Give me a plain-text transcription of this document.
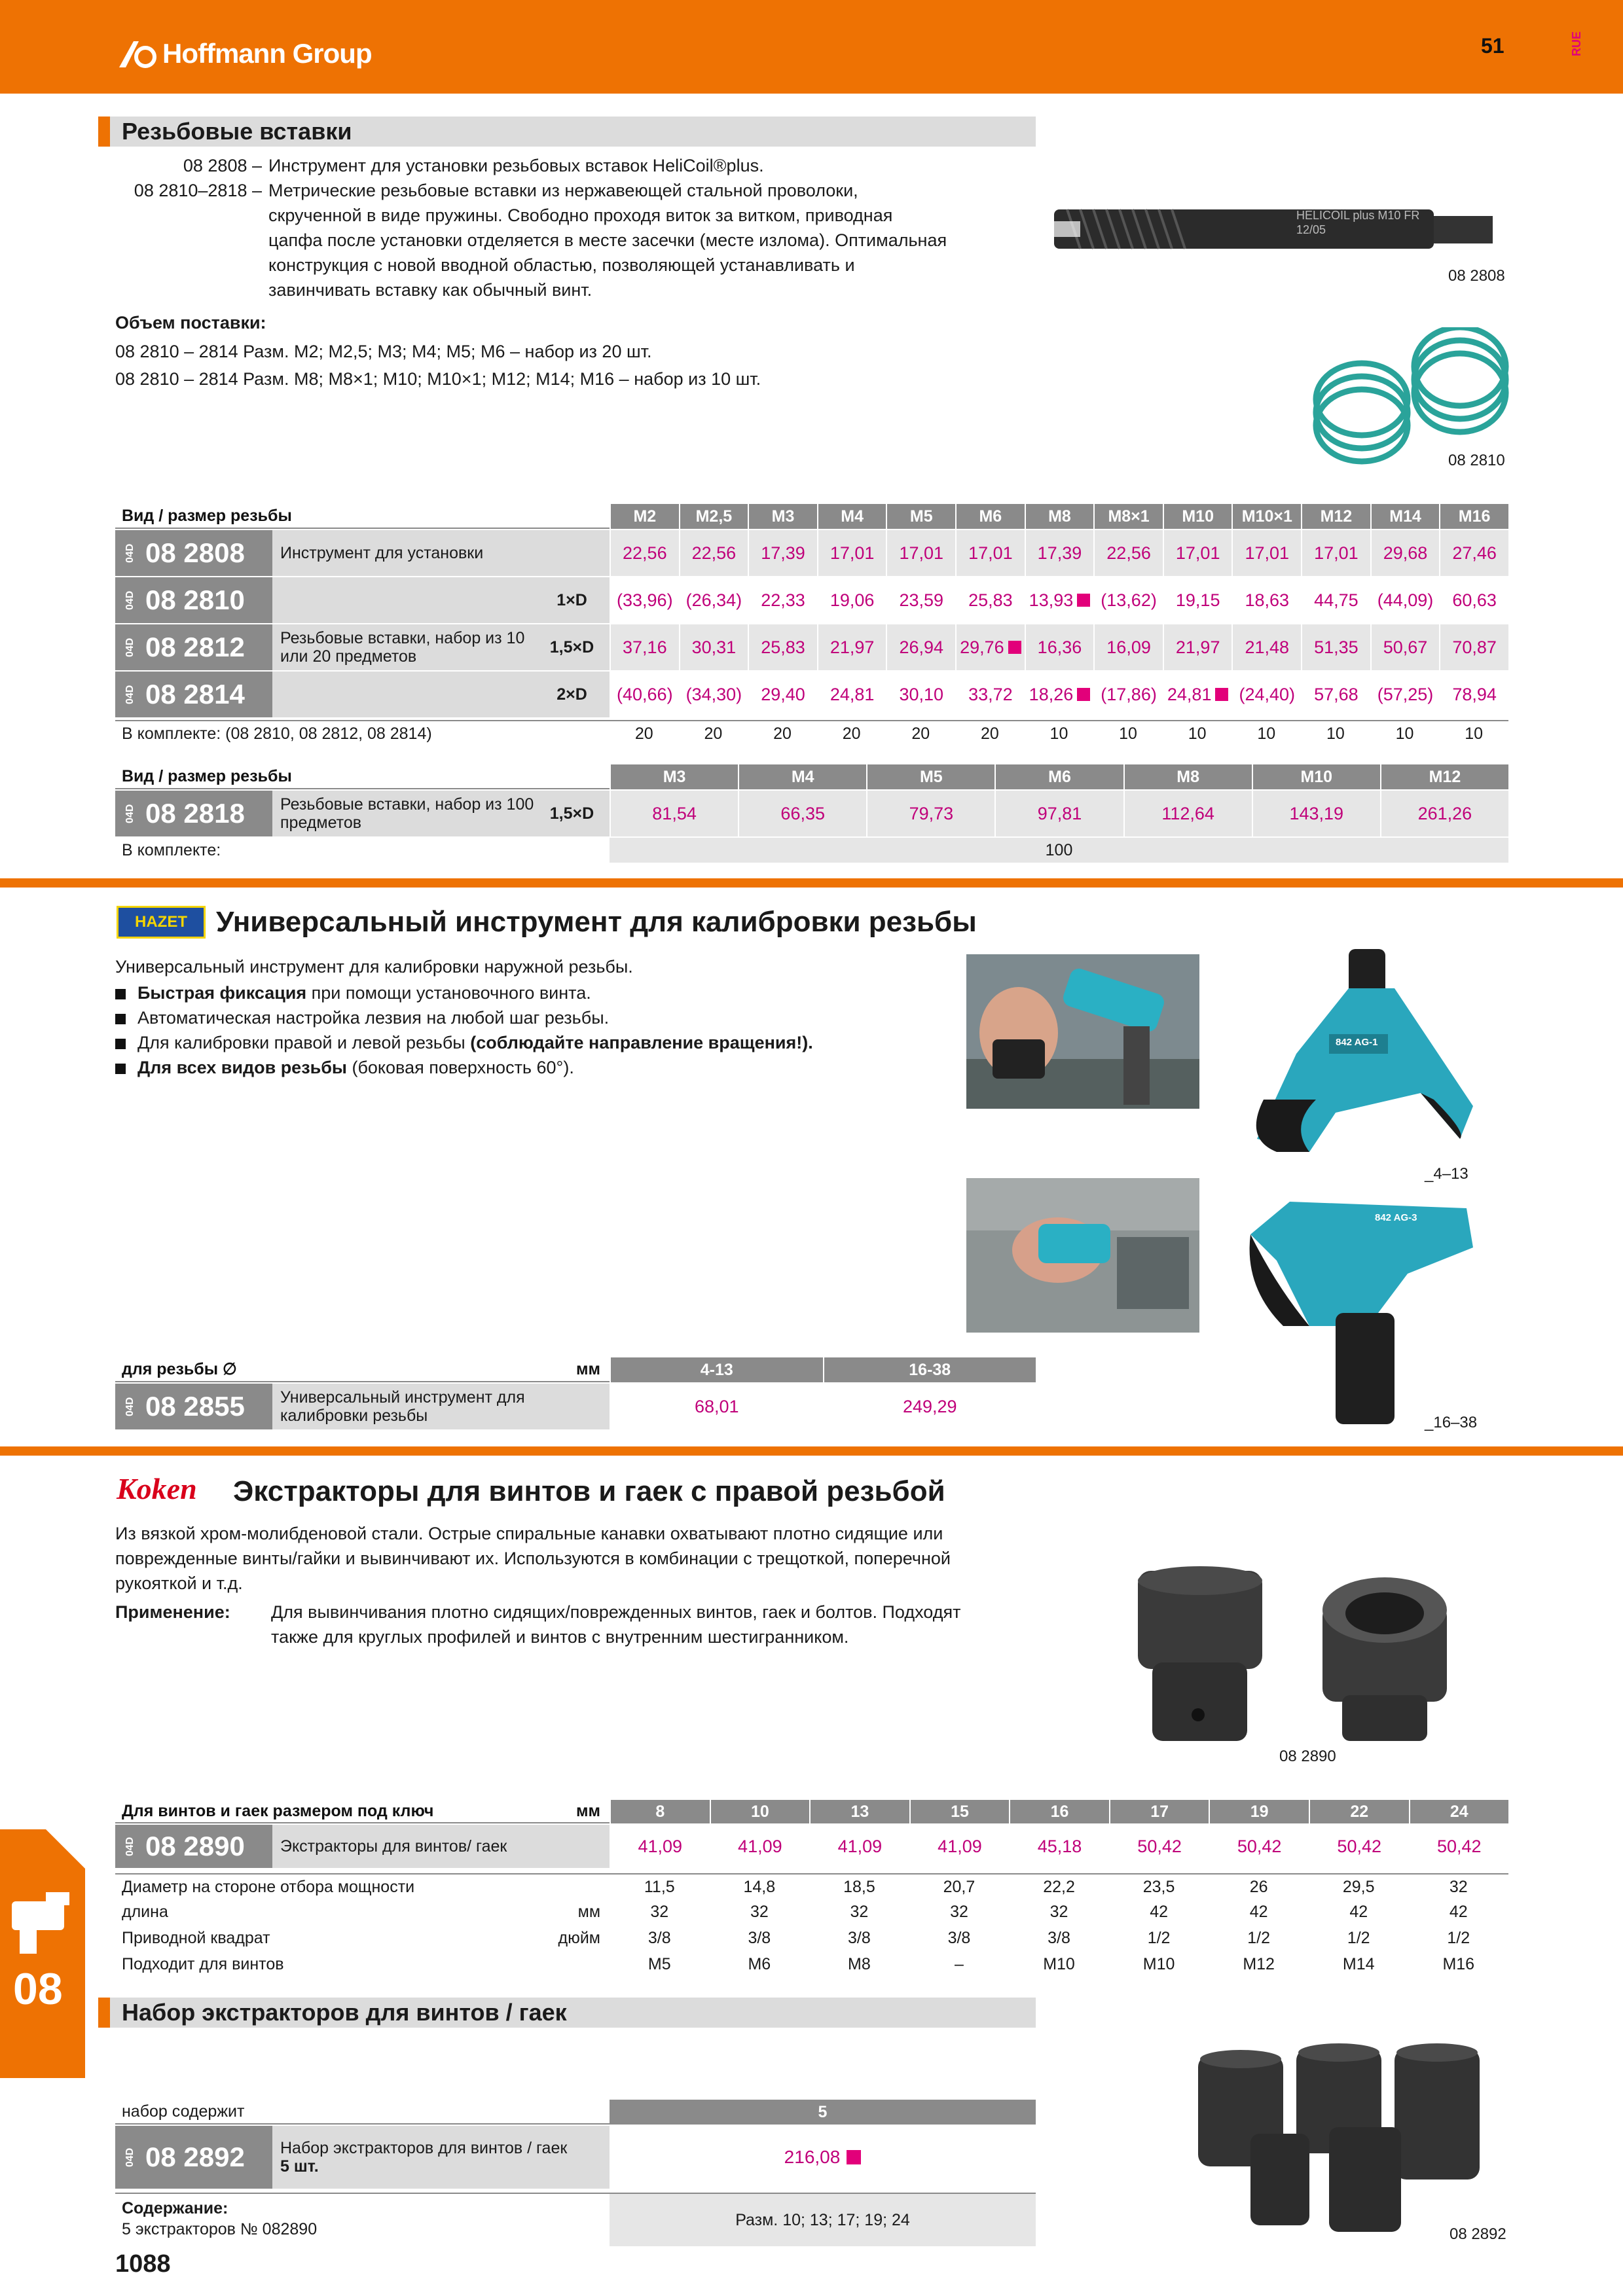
Hoffmann Group	51	RUE
Резьбовые вставки
08 2808 – Инструмент для установки резьбовых вставок HeliCoil®plus.
08 2810–2818 – Метрические резьбовые вставки из нержавеющей стальной проволоки,
скрученной в виде пружины. Свободно проходя виток за витком, приводная
цапфа после установки отделяется в месте засечки (месте излома). Оптимальная
конструкция с новой вводной областью, позволяющей устанавливать и
завинчивать вставку как обычный винт.
Объем поставки:
08 2810 – 2814 Разм. M2; M2,5; M3; M4; M5; M6 – набор из 20 шт.
08 2810 – 2814 Разм. M8; M8×1; M10; M10×1; M12; M14; M16 – набор из 10 шт.
HELICOIL plus M10 FR 12/05
08 2808
08 2810
Вид / размер резьбы	M2	M2,5	M3	M4	M5	M6	M8	M8×1	M10	M10×1	M12	M14	M16
04D 08 2808	Инструмент для установки	22,56 22,56 17,39 17,01 17,01 17,01 17,39 22,56 17,01 17,01 17,01 29,68 27,46
04D 08 2810	1×D	(33,96) (26,34) 22,33 19,06 23,59 25,83 13,93 (13,62) 19,15 18,63 44,75 (44,09) 60,63
04D 08 2812	Резьбовые вставки, набор из 10 или 20 предметов	1,5×D	37,16 30,31 25,83 21,97 26,94 29,76 16,36 16,09 21,97 21,48 51,35 50,67 70,87
04D 08 2814	2×D	(40,66) (34,30) 29,40 24,81 30,10 33,72 18,26 (17,86) 24,81 (24,40) 57,68 (57,25) 78,94
В комплекте: (08 2810, 08 2812, 08 2814)	20	20	20	20	20	20	10	10	10	10	10	10	10
Вид / размер резьбы	M3	M4	M5	M6	M8	M10	M12
04D 08 2818	Резьбовые вставки, набор из 100 предметов	1,5×D	81,54	66,35	79,73	97,81	112,64	143,19	261,26
В комплекте:	100
HAZET	Универсальный инструмент для калибровки резьбы
Универсальный инструмент для калибровки наружной резьбы.
Быстрая фиксация при помощи установочного винта.
Автоматическая настройка лезвия на любой шаг резьбы.
Для калибровки правой и левой резьбы (соблюдайте направление вращения!).
Для всех видов резьбы (боковая поверхность 60°).
842 AG-1
_4–13
842 AG-3
_16–38
для резьбы ∅	мм	4-13	16-38
04D 08 2855	Универсальный инструмент для калибровки резьбы	68,01	249,29
Koken Экстракторы для винтов и гаек с правой резьбой
Из вязкой хром-молибденовой стали. Острые спиральные канавки охватывают плотно сидящие или
поврежденные винты/гайки и вывинчивают их. Используются в комбинации с трещоткой, поперечной
рукояткой и т.д.
Применение: Для вывинчивания плотно сидящих/поврежденных винтов, гаек и болтов. Подходят
также для круглых профилей и винтов с внутренним шестигранником.
08 2890
Для винтов и гаек размером под ключ	мм	8	10	13	15	16	17	19	22	24
04D 08 2890	Экстракторы для винтов/ гаек	41,09	41,09	41,09	41,09	45,18	50,42	50,42	50,42	50,42
Диаметр на стороне отбора мощности	11,5	14,8	18,5	20,7	22,2	23,5	26	29,5	32
длина	мм	32	32	32	32	32	42	42	42	42
Приводной квадрат	дюйм	3/8	3/8	3/8	3/8	3/8	1/2	1/2	1/2	1/2
Подходит для винтов	M5	M6	M8	–	M10	M10	M12	M14	M16
08	Набор экстракторов для винтов / гаек
набор содержит	5
04D 08 2892 Набор экстракторов для винтов / гаек
5 шт.	216,08
Содержание:
5 экстракторов № 082890
Разм. 10; 13; 17; 19; 24
08 2892
1088
